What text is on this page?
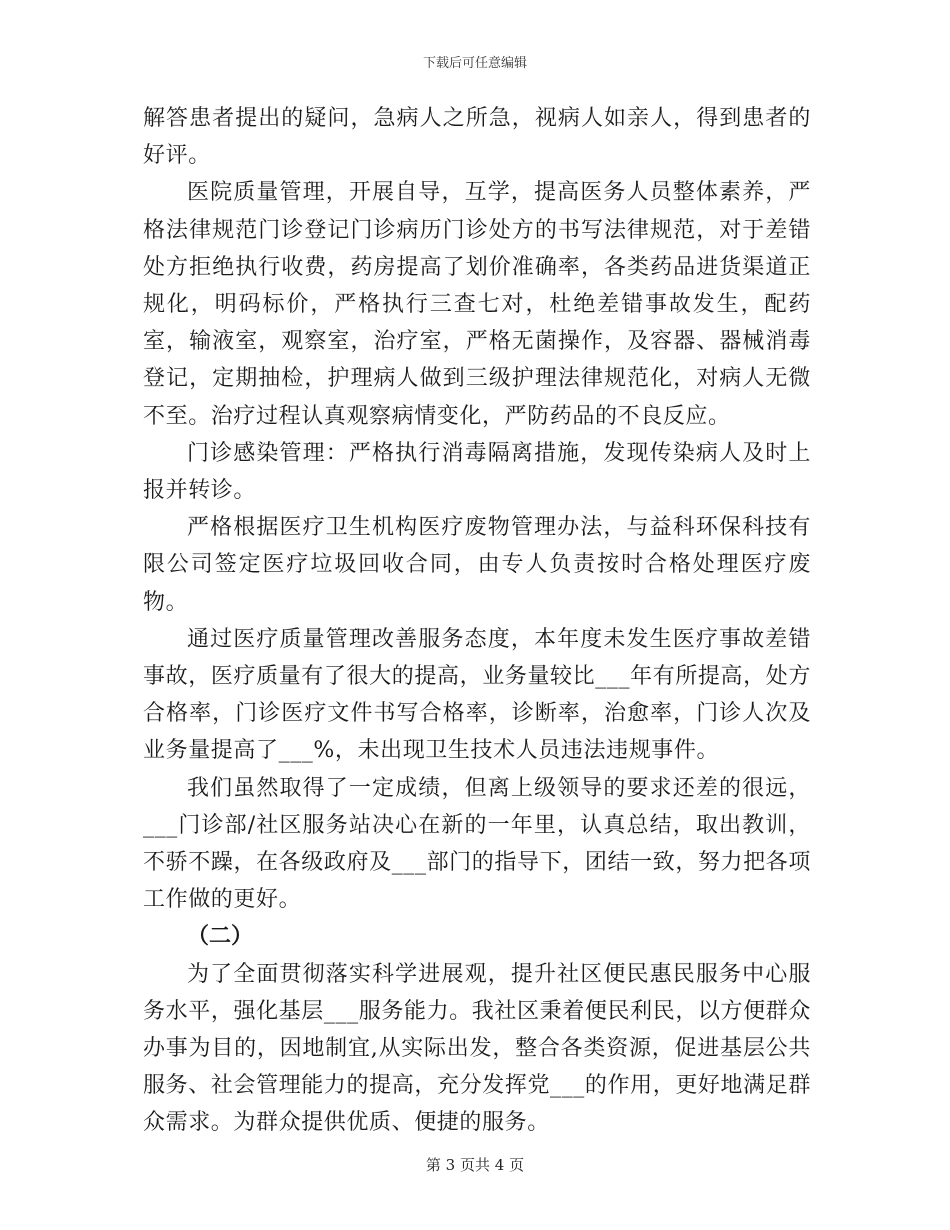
下载后可任意编辑

解答患者提出的疑问，急病人之所急，视病人如亲人，得到患者的好评。

医院质量管理，开展自导，互学，提高医务人员整体素养，严格法律规范门诊登记门诊病历门诊处方的书写法律规范，对于差错处方拒绝执行收费，药房提高了划价准确率，各类药品进货渠道正规化，明码标价，严格执行三查七对，杜绝差错事故发生，配药室，输液室，观察室，治疗室，严格无菌操作，及容器、器械消毒登记，定期抽检，护理病人做到三级护理法律规范化，对病人无微不至。治疗过程认真观察病情变化，严防药品的不良反应。

门诊感染管理：严格执行消毒隔离措施，发现传染病人及时上报并转诊。

严格根据医疗卫生机构医疗废物管理办法，与益科环保科技有限公司签定医疗垃圾回收合同，由专人负责按时合格处理医疗废物。

通过医疗质量管理改善服务态度，本年度未发生医疗事故差错事故，医疗质量有了很大的提高，业务量较比___年有所提高，处方合格率，门诊医疗文件书写合格率，诊断率，治愈率，门诊人次及业务量提高了___%，未出现卫生技术人员违法违规事件。

我们虽然取得了一定成绩，但离上级领导的要求还差的很远，___门诊部/社区服务站决心在新的一年里，认真总结，取出教训，不骄不躁，在各级政府及___部门的指导下，团结一致，努力把各项工作做的更好。

（二）

为了全面贯彻落实科学进展观，提升社区便民惠民服务中心服务水平，强化基层___服务能力。我社区秉着便民利民，以方便群众办事为目的，因地制宜,从实际出发，整合各类资源，促进基层公共服务、社会管理能力的提高，充分发挥党___的作用，更好地满足群众需求。为群众提供优质、便捷的服务。

第 3 页共 4 页
